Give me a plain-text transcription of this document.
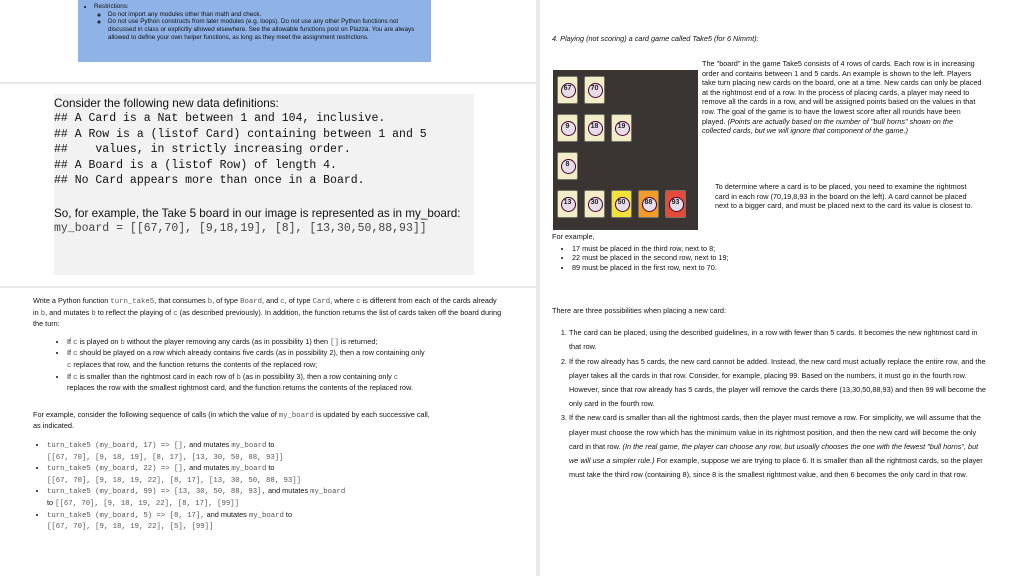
• Restrictions:
◦ Do not import any modules other than math and check.
◦ Do not use Python constructs from later modules (e.g. loops). Do not use any other Python functions not discussed in class or explicitly allowed elsewhere. See the allowable functions post on Piazza. You are always allowed to define your own helper functions, as long as they meet the assignment restrictions.
Consider the following new data definitions:
## A Card is a Nat between 1 and 104, inclusive.
## A Row is a (listof Card) containing between 1 and 5
##    values, in strictly increasing order.
## A Board is a (listof Row) of length 4.
## No Card appears more than once in a Board.
So, for example, the Take 5 board in our image is represented as in my_board:
my_board = [[67,70], [9,18,19], [8], [13,30,50,88,93]]
Write a Python function turn_take5, that consumes b, of type Board, and c, of type Card, where c is different from each of the cards already in b, and mutates b to reflect the playing of c (as described previously). In addition, the function returns the list of cards taken off the board during the turn:
• If c is played on b without the player removing any cards (as in possibility 1) then [] is returned;
• If c should be played on a row which already contains five cards (as in possibility 2), then a row containing only c replaces that row, and the function returns the contents of the replaced row;
• If c is smaller than the rightmost card in each row of b (as in possibility 3), then a row containing only c replaces the row with the smallest rightmost card, and the function returns the contents of the replaced row.
For example, consider the following sequence of calls (in which the value of my_board is updated by each successive call, as indicated.
• turn_take5 (my_board, 17) => [], and mutates my_board to
[[67, 70], [9, 18, 19], [8, 17], [13, 30, 50, 88, 93]]
• turn_take5 (my_board, 22) => [], and mutates my_board to
[[67, 70], [9, 18, 19, 22], [8, 17], [13, 30, 50, 88, 93]]
• turn_take5 (my_board, 99) => [13, 30, 50, 88, 93], and mutates my_board
to [[67, 70], [9, 18, 19, 22], [8, 17], [99]]
• turn_take5 (my_board, 5) => [8, 17], and mutates my_board to
[[67, 70], [9, 18, 19, 22], [5], [99]]
4. Playing (not scoring) a card game called Take5 (for 6 Nimmt):
67	70
9	18	19
8
13	30	50	88	93
The "board" in the game Take5 consists of 4 rows of cards. Each row is in increasing order and contains between 1 and 5 cards. An example is shown to the left. Players take turn placing new cards on the board, one at a time. New cards can only be placed at the rightmost end of a row. In the process of placing cards, a player may need to remove all the cards in a row, and will be assigned points based on the values in that row. The goal of the game is to have the lowest score after all rounds have been played. (Points are actually based on the number of "bull horns" shown on the collected cards, but we will ignore that component of the game.)
To determine where a card is to be placed, you need to examine the rightmost card in each row (70,19,8,93 in the board on the left). A card cannot be placed next to a bigger card, and must be placed next to the card its value is closest to.
For example,
• 17 must be placed in the third row, next to 8;
• 22 must be placed in the second row, next to 19;
• 89 must be placed in the first row, next to 70.
There are three possibilities when placing a new card:
1. The card can be placed, using the described guidelines, in a row with fewer than 5 cards. It becomes the new rightmost card in that row.
2. If the row already has 5 cards, the new card cannot be added. Instead, the new card must actually replace the entire row, and the player takes all the cards in that row. Consider, for example, placing 99. Based on the numbers, it must go in the fourth row. However, since that row already has 5 cards, the player will remove the cards there (13,30,50,88,93) and then 99 will become the only card in the fourth row.
3. If the new card is smaller than all the rightmost cards, then the player must remove a row. For simplicity, we will assume that the player must choose the row which has the minimum value in its rightmost position, and then the new card will become the only card in that row. (In the real game, the player can choose any row, but usually chooses the one with the fewest "bull horns", but we will use a simpler rule.) For example, suppose we are trying to place 6. It is smaller than all the rightmost cards, so the player must take the third row (containing 8), since 8 is the smallest rightmost value, and then 6 becomes the only card in that row.
